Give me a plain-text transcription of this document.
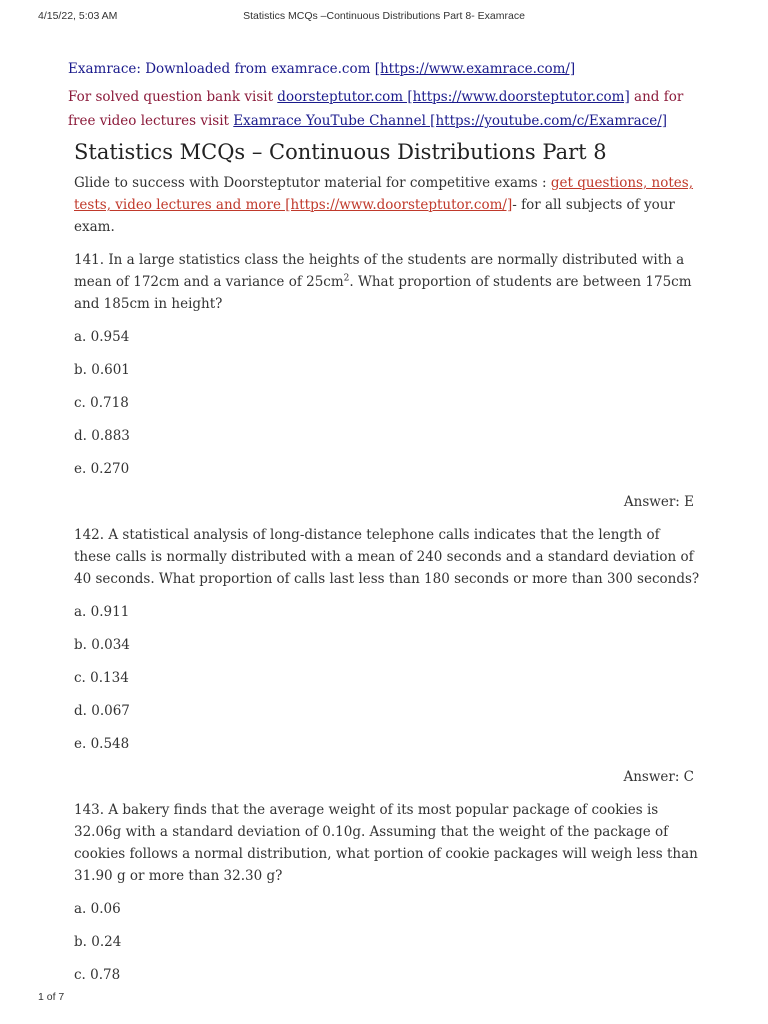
4/15/22, 5:03 AM	Statistics MCQs –Continuous Distributions Part 8- Examrace
Examrace: Downloaded from examrace.com [https://www.examrace.com/]
For solved question bank visit doorsteptutor.com [https://www.doorsteptutor.com] and for
free video lectures visit Examrace YouTube Channel [https://youtube.com/c/Examrace/]
Statistics MCQs – Continuous Distributions Part 8
Glide to success with Doorsteptutor material for competitive exams : get questions, notes, tests, video lectures and more [https://www.doorsteptutor.com/]- for all subjects of your exam.
141. In a large statistics class the heights of the students are normally distributed with a mean of 172cm and a variance of $25cm^2$. What proportion of students are between 175cm and 185cm in height?
a. 0.954
b. 0.601
c. 0.718
d. 0.883
e. 0.270
Answer: E
142. A statistical analysis of long-distance telephone calls indicates that the length of these calls is normally distributed with a mean of 240 seconds and a standard deviation of 40 seconds. What proportion of calls last less than 180 seconds or more than 300 seconds?
a. 0.911
b. 0.034
c. 0.134
d. 0.067
e. 0.548
Answer: C
143. A bakery finds that the average weight of its most popular package of cookies is 32.06g with a standard deviation of 0.10g. Assuming that the weight of the package of cookies follows a normal distribution, what portion of cookie packages will weigh less than 31.90 g or more than 32.30 g?
a. 0.06
b. 0.24
c. 0.78
1 of 7
